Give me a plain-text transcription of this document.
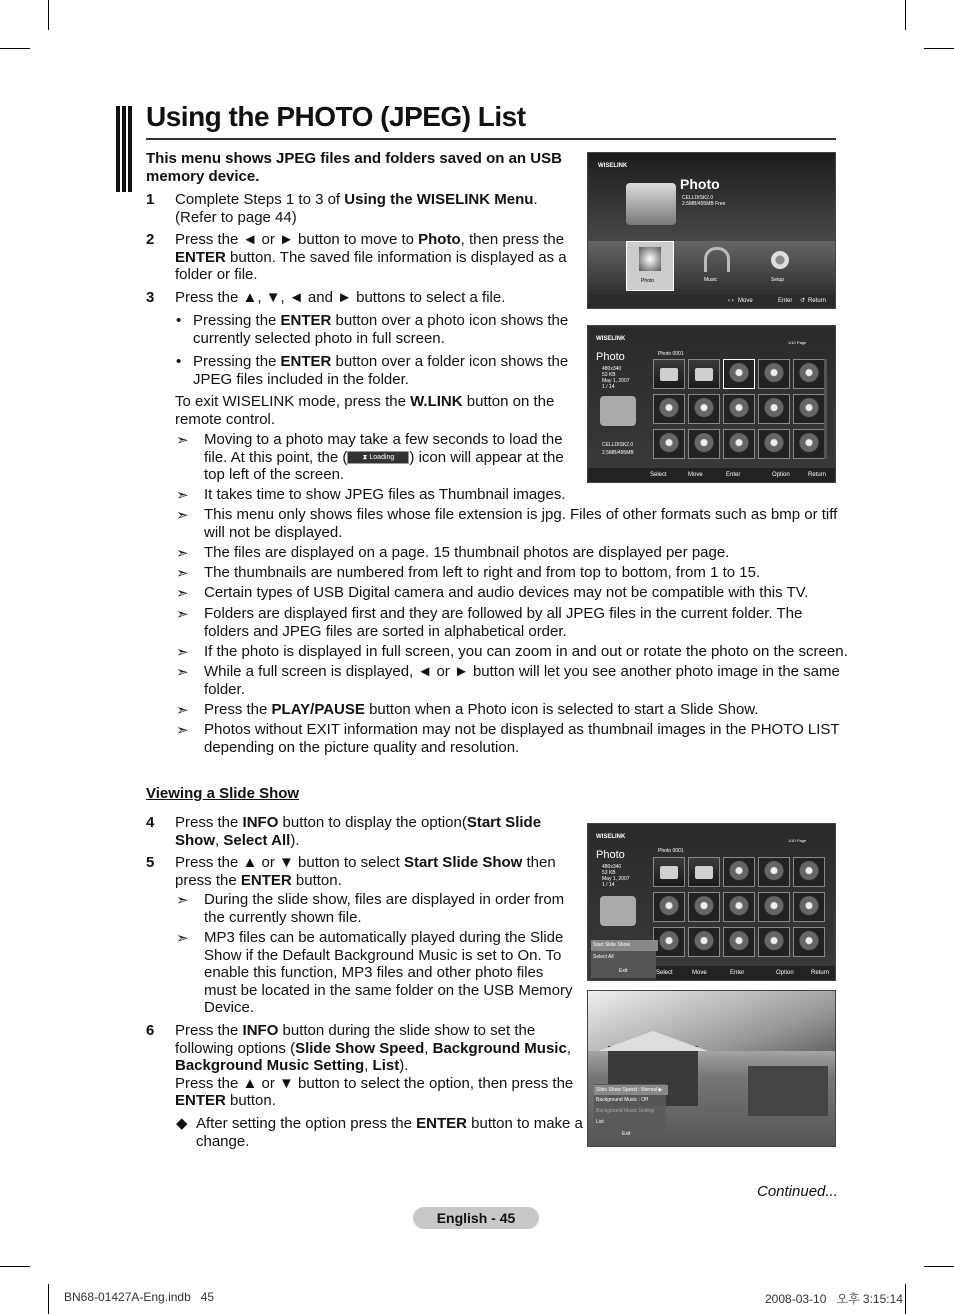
Using the PHOTO (JPEG) List
This menu shows JPEG files and folders saved on an USB memory device.
1 Complete Steps 1 to 3 of Using the WISELINK Menu.
(Refer to page 44)
2 Press the ◄ or ► button to move to Photo, then press the
ENTER button. The saved file information is displayed as a
folder or file.
3 Press the ▲, ▼, ◄ and ► buttons to select a file.
• Pressing the ENTER button over a photo icon shows the
currently selected photo in full screen.
• Pressing the ENTER button over a folder icon shows the
JPEG files included in the folder.
To exit WISELINK mode, press the W.LINK button on the
remote control.
➣ Moving to a photo may take a few seconds to load the
file. At this point, the ( ⧗ Loading ) icon will appear at the
top left of the screen.
➣ It takes time to show JPEG files as Thumbnail images.
➣ This menu only shows files whose file extension is jpg. Files of other formats such as bmp or tiff
will not be displayed.
➣ The files are displayed on a page. 15 thumbnail photos are displayed per page.
➣ The thumbnails are numbered from left to right and from top to bottom, from 1 to 15.
➣ Certain types of USB Digital camera and audio devices may not be compatible with this TV.
➣ Folders are displayed first and they are followed by all JPEG files in the current folder. The
folders and JPEG files are sorted in alphabetical order.
➣ If the photo is displayed in full screen, you can zoom in and out or rotate the photo on the screen.
➣ While a full screen is displayed, ◄ or ► button will let you see another photo image in the same
folder.
➣ Press the PLAY/PAUSE button when a Photo icon is selected to start a Slide Show.
➣ Photos without EXIT information may not be displayed as thumbnail images in the PHOTO LIST
depending on the picture quality and resolution.
Viewing a Slide Show
4 Press the INFO button to display the option(Start Slide
Show, Select All).
5 Press the ▲ or ▼ button to select Start Slide Show then
press the ENTER button.
➣ During the slide show, files are displayed in order from
the currently shown file.
➣ MP3 files can be automatically played during the Slide
Show if the Default Background Music is set to On. To
enable this function, MP3 files and other photo files
must be located in the same folder on the USB Memory
Device.
6 Press the INFO button during the slide show to set the
following options (Slide Show Speed, Background Music,
Background Music Setting, List).
Press the ▲ or ▼ button to select the option, then press the
ENTER button.
◆ After setting the option press the ENTER button to make a
change.
WISELINK
Photo
CELLDISK2.0
2.5MB/495MB Free
Photo	Music	Setup
‹ › Move	Enter ↺ Return
WISELINK
1/10 Page
Photo	Photo 0001
480x340
53 KB
May 1, 2007
1 / 14
CELLDISK2.0
2.5MB/495MB
Select	Move	Enter	Option	Return
WISELINK
1/10 Page
Photo	Photo 0001
480x340
53 KB
May 1, 2007
1 / 14
Start Slide Show
Select All
Exit	Select	Move	Enter	Option	Return
Slide Show Speed : Normal ▶
Background Music : Off
Background Music Setting
List
Exit
Continued...
English - 45
BN68-01427A-Eng.indb   45	2008-03-10   오후 3:15:14
